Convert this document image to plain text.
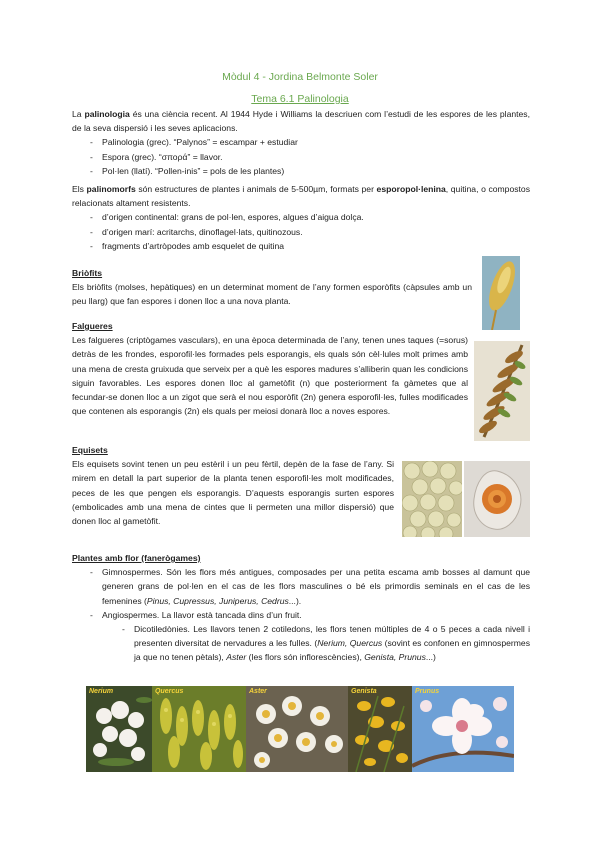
Mòdul 4 - Jordina Belmonte Soler
Tema 6.1 Palinologia

La palinologia és una ciència recent. Al 1944 Hyde i Williams la descriuen com l’estudi de les espores de les plantes, de la seva dispersió i les seves aplicacions.

- Palinologia (grec). “Palynos” = escampar + estudiar
- Espora (grec). “σπορά” = llavor.
- Pol·len (llatí). “Pollen-inis” = pols de les plantes)

Els palinomorfs són estructures de plantes i animals de 5-500µm, formats per esporopol·lenina, quitina, o compostos relacionats altament resistents.

- d’origen continental: grans de pol·len, espores, algues d’aigua dolça.
- d’origen marí: acritarchs, dinoflagel·lats, quitinozous.
- fragments d’artròpodes amb esquelet de quitina
Briòfits

Els briòfits (molses, hepàtiques) en un determinat moment de l’any formen esporòfits (càpsules amb un peu llarg) que fan espores i donen lloc a una nova planta.

Falgueres

Les falgueres (criptògames vasculars), en una època determinada de l’any, tenen unes taques (=sorus) detràs de les frondes, esporofil·les formades pels esporangis, els quals són cèl·lules molt primes amb una mena de cresta gruixuda que serveix per a què les espores madures s’alliberin quan les condicions siguin favorables. Les espores donen lloc al gametòfit (n) que posteriorment fa gàmetes que al fecundar-se donen lloc a un zigot que serà el nou esporòfit (2n) genera esporofil·les, fulles modificades que contenen als esporangis (2n) els quals per meiosi donarà lloc a noves espores.

Equisets

Els equisets sovint tenen un peu estèril i un peu fèrtil, depèn de la fase de l’any. Si mirem en detall la part superior de la planta tenen esporofil·les molt modificades, peces de les que pengen els esporangis. D’aquests esporangis surten espores (embolicades amb una mena de cintes que li permeten una millor dispersió) que donen lloc al gametòfit.

Plantes amb flor (fanerògames)
- Gimnospermes. Són les flors més antigues, composades per una petita escama amb bosses al damunt que generen grans de pol·len en el cas de les flors masculines o bé els primordis seminals en el cas de les femenines (Pinus, Cupressus, Juniperus, Cedrus...).
- Angiospermes. La llavor està tancada dins d’un fruit.
- Dicotiledònies. Les llavors tenen 2 cotiledons, les flors tenen múltiples de 4 o 5 peces a cada nivell i presenten diversitat de nervadures a les fulles. (Nerium, Quercus (sovint es confonen en gimnospermes ja que no tenen pètals), Aster (les flors són inflorescències), Genista, Prunus...)
Nerium	Quercus	Aster	Genista	Prunus
